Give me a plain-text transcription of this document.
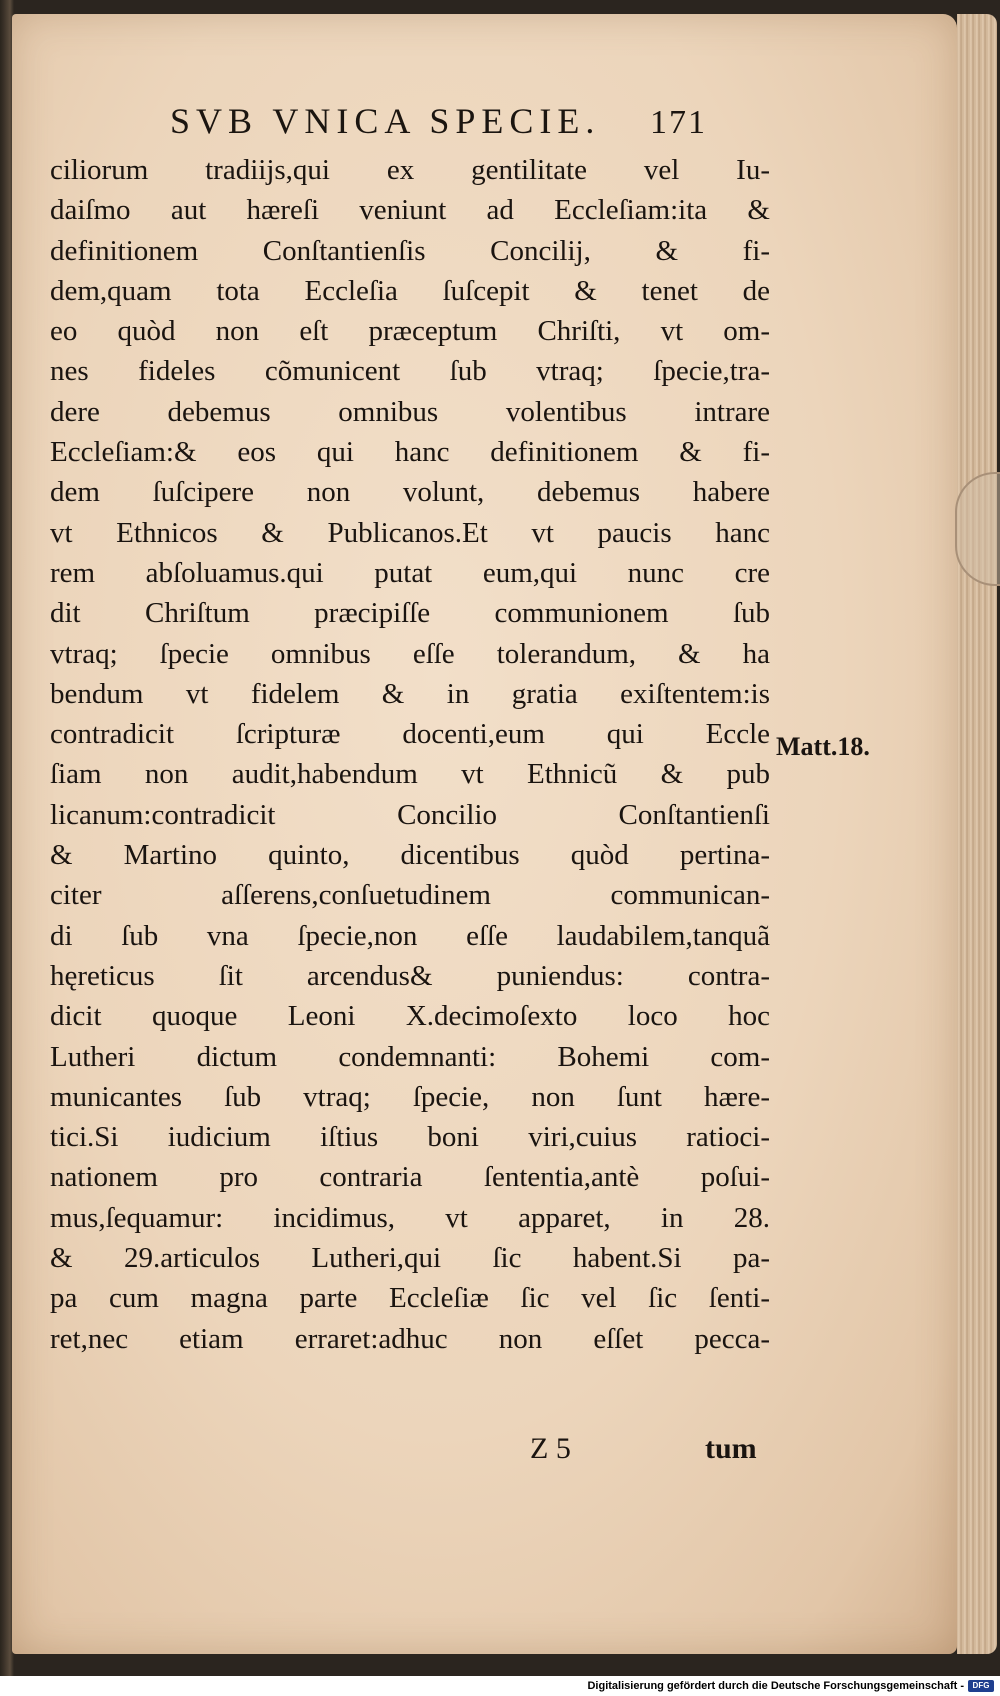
SVB VNICA SPECIE.	171
ciliorum tradiijs,qui ex gentilitate vel Iu-
daiſmo aut hæreſi veniunt ad Eccleſiam:ita &
definitionem Conſtantienſis Concilij, & fi-
dem,quam tota Eccleſia ſuſcepit & tenet de
eo quòd non eſt præceptum Chriſti, vt om-
nes fideles cõmunicent ſub vtraq; ſpecie,tra-
dere debemus omnibus volentibus intrare
Eccleſiam:& eos qui hanc definitionem & fi-
dem ſuſcipere non volunt, debemus habere
vt Ethnicos & Publicanos.Et vt paucis hanc
rem abſoluamus.qui putat eum,qui nunc cre
dit Chriſtum præcipiſſe communionem ſub
vtraq; ſpecie omnibus eſſe tolerandum, & ha
bendum vt fidelem & in gratia exiſtentem:is
contradicit ſcripturæ docenti,eum qui Eccle
ſiam non audit,habendum vt Ethnicũ & pub
licanum:contradicit Concilio Conſtantienſi
& Martino quinto, dicentibus quòd pertina-
citer aſſerens,conſuetudinem communican-
di ſub vna ſpecie,non eſſe laudabilem,tanquã
hęreticus ſit arcendus& puniendus: contra-
dicit quoque Leoni X.decimoſexto loco hoc
Lutheri dictum condemnanti: Bohemi com-
municantes ſub vtraq; ſpecie, non ſunt hære-
tici.Si iudicium iſtius boni viri,cuius ratioci-
nationem pro contraria ſententia,antè poſui-
mus,ſequamur: incidimus, vt apparet, in 28.
& 29.articulos Lutheri,qui ſic habent.Si pa-
pa cum magna parte Eccleſiæ ſic vel ſic ſenti-
ret,nec etiam erraret:adhuc non eſſet pecca-
Matt.18.
Z 5	tum
Digitalisierung gefördert durch die Deutsche Forschungsgemeinschaft -	DFG
